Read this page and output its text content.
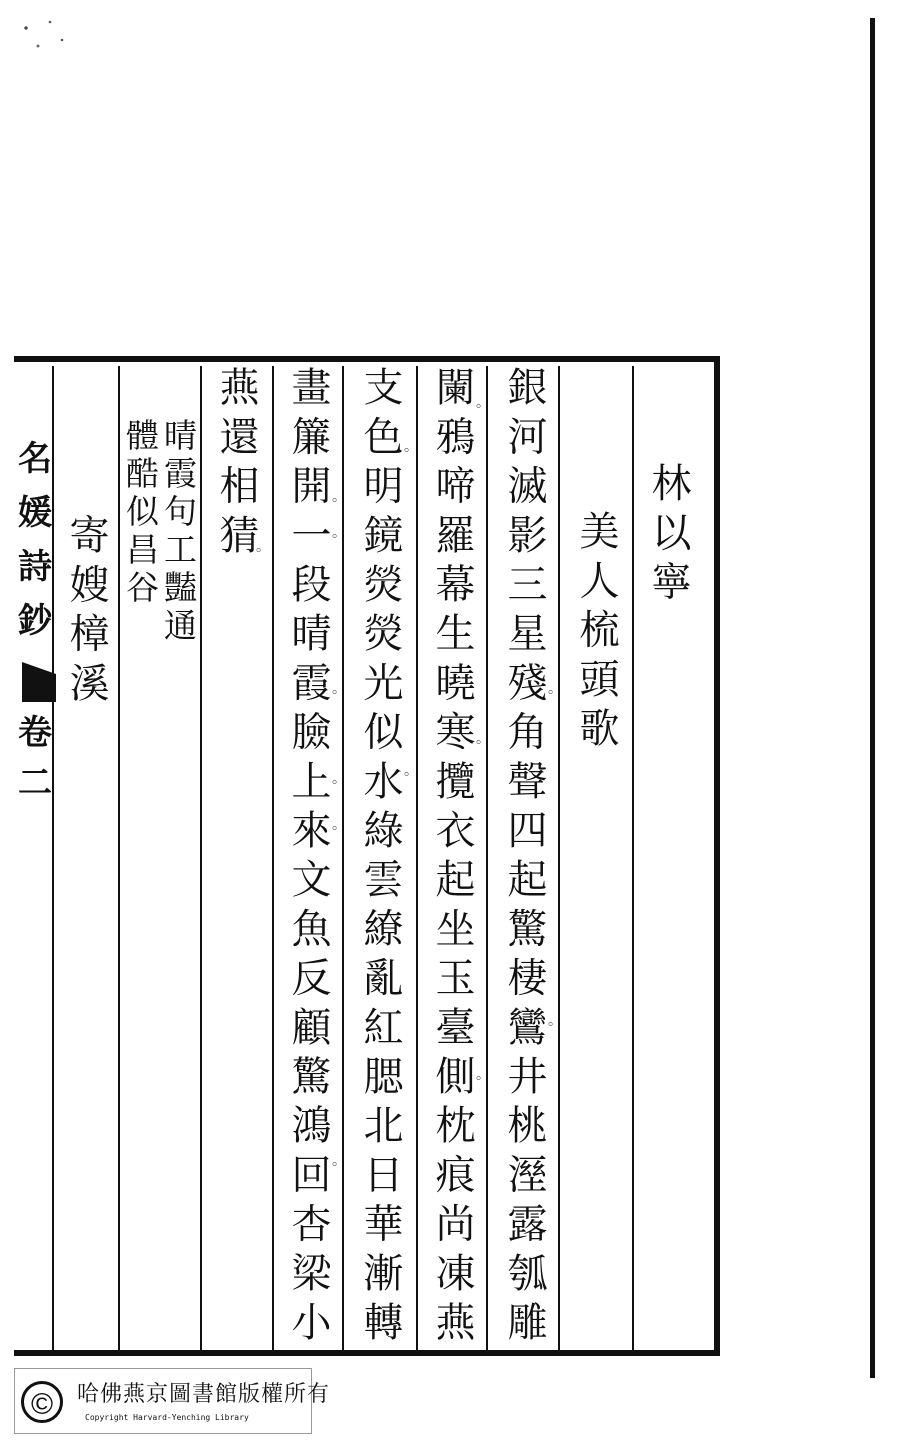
名
媛
詩
鈔
卷
二
林以寧
美人梳頭歌
銀河滅影三星殘角聲四起驚棲鸞井桃溼露瓠雕
闌鴉啼羅幕生曉寒攬衣起坐玉臺側枕痕尚凍燕
支色明鏡熒熒光似水綠雲繚亂紅腮北日華漸轉
畫簾開一段晴霞臉上來文魚反顧驚鴻回杏梁小
燕還相猜
。
。
。
。
。
。
。
。
。
。
。
。
。
。
晴霞句工豔通
體酷似昌谷
寄嫂樟溪
©	哈佛燕京圖書館版權所有
Copyright Harvard-Yenching Library
